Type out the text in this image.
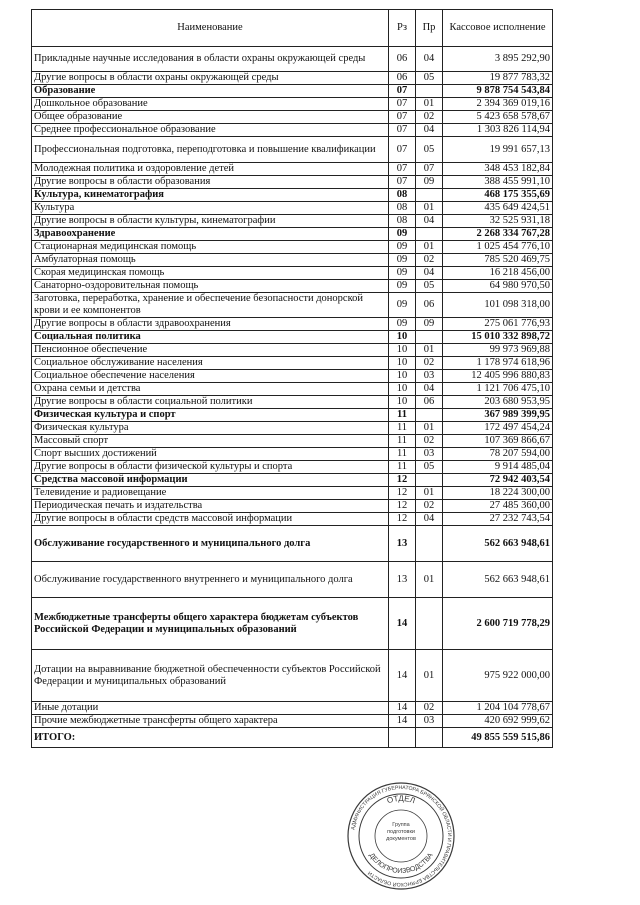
Наименование	Рз	Пр	Кассовое исполнение
Прикладные научные исследования в области охраны окружающей среды	06	04	3 895 292,90
Другие вопросы в области охраны окружающей среды	06	05	19 877 783,32
Образование	07		9 878 754 543,84
Дошкольное образование	07	01	2 394 369 019,16
Общее образование	07	02	5 423 658 578,67
Среднее профессиональное образование	07	04	1 303 826 114,94
Профессиональная подготовка, переподготовка и повышение квалификации	07	05	19 991 657,13
Молодежная политика и оздоровление детей	07	07	348 453 182,84
Другие вопросы в области образования	07	09	388 455 991,10
Культура, кинематография	08		468 175 355,69
Культура	08	01	435 649 424,51
Другие вопросы в области культуры, кинематографии	08	04	32 525 931,18
Здравоохранение	09		2 268 334 767,28
Стационарная медицинская помощь	09	01	1 025 454 776,10
Амбулаторная помощь	09	02	785 520 469,75
Скорая медицинская помощь	09	04	16 218 456,00
Санаторно-оздоровительная помощь	09	05	64 980 970,50
Заготовка, переработка, хранение и обеспечение безопасности донорской крови и ее компонентов	09	06	101 098 318,00
Другие вопросы в области здравоохранения	09	09	275 061 776,93
Социальная политика	10		15 010 332 898,72
Пенсионное обеспечение	10	01	99 973 969,88
Социальное обслуживание населения	10	02	1 178 974 618,96
Социальное обеспечение населения	10	03	12 405 996 880,83
Охрана семьи и детства	10	04	1 121 706 475,10
Другие вопросы в области социальной политики	10	06	203 680 953,95
Физическая культура и спорт	11		367 989 399,95
Физическая культура	11	01	172 497 454,24
Массовый спорт	11	02	107 369 866,67
Спорт высших достижений	11	03	78 207 594,00
Другие вопросы в области физической культуры и спорта	11	05	9 914 485,04
Средства массовой информации	12		72 942 403,54
Телевидение и радиовещание	12	01	18 224 300,00
Периодическая печать и издательства	12	02	27 485 360,00
Другие вопросы в области средств массовой информации	12	04	27 232 743,54
Обслуживание государственного и муниципального долга	13		562 663 948,61
Обслуживание государственного внутреннего и муниципального долга	13	01	562 663 948,61
Межбюджетные трансферты общего характера бюджетам субъектов Российской Федерации и муниципальных образований	14		2 600 719 778,29
Дотации на выравнивание бюджетной обеспеченности субъектов Российской Федерации и муниципальных образований	14	01	975 922 000,00
Иные дотации	14	02	1 204 104 778,67
Прочие межбюджетные трансферты общего характера	14	03	420 692 999,62
ИТОГО:			49 855 559 515,86
АДМИНИСТРАЦИЯ ГУБЕРНАТОРА БРЯНСКОЙ ОБЛАСТИ И ПРАВИТЕЛЬСТВА БРЯНСКОЙ ОБЛАСТИ
ОТДЕЛ
ДЕЛОПРОИЗВОДСТВА
Группа подготовки документов
